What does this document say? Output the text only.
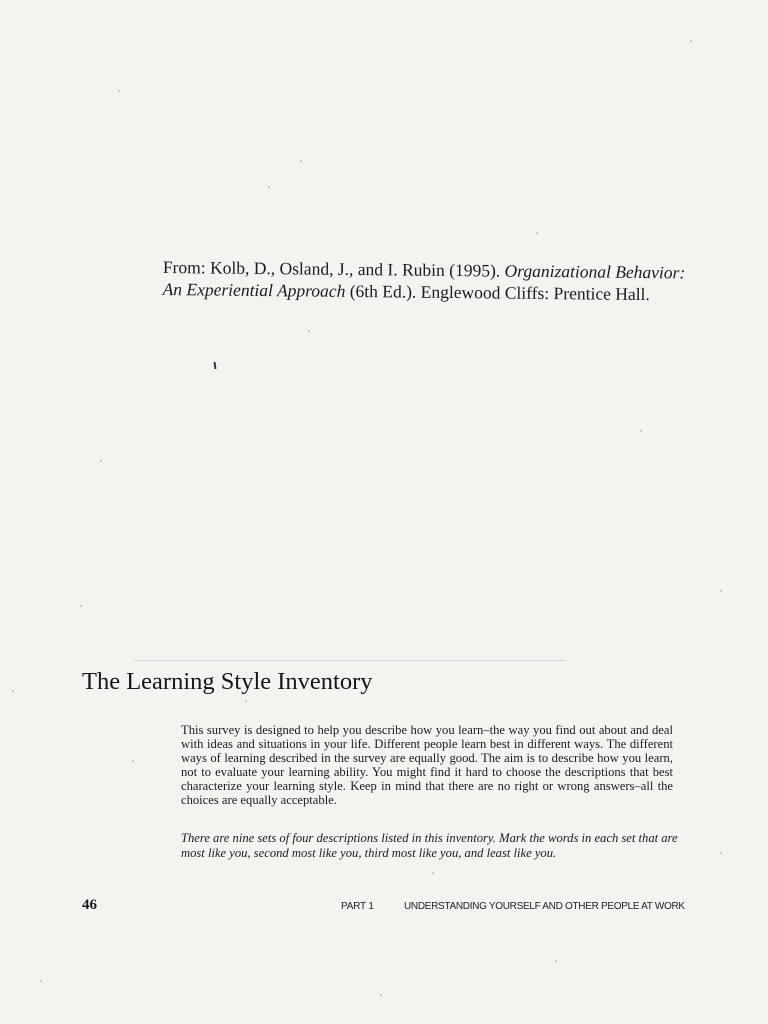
From: Kolb, D., Osland, J., and I. Rubin (1995). Organizational Behavior:
An Experiential Approach (6th Ed.). Englewood Cliffs: Prentice Hall.
The Learning Style Inventory

This survey is designed to help you describe how you learn–the way you find out about and deal with ideas and situations in your life. Different people learn best in different ways. The different ways of learning described in the survey are equally good. The aim is to describe how you learn, not to evaluate your learning ability. You might find it hard to choose the descriptions that best characterize your learning style. Keep in mind that there are no right or wrong answers–all the choices are equally acceptable.

There are nine sets of four descriptions listed in this inventory. Mark the words in each set that are most like you, second most like you, third most like you, and least like you.

46	PART 1	UNDERSTANDING YOURSELF AND OTHER PEOPLE AT WORK
